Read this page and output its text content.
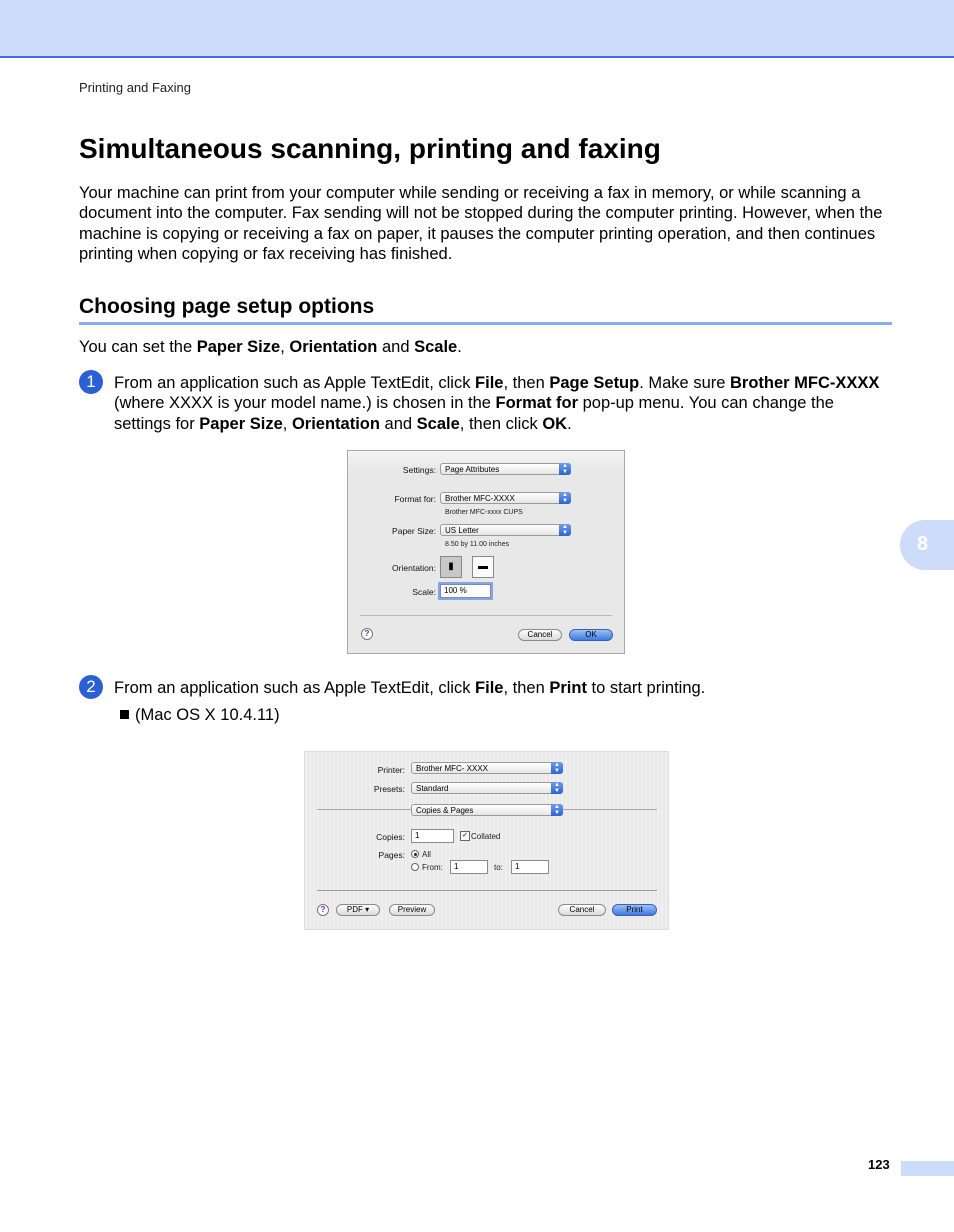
Printing and Faxing
Simultaneous scanning, printing and faxing

Your machine can print from your computer while sending or receiving a fax in memory, or while scanning a document into the computer. Fax sending will not be stopped during the computer printing. However, when the machine is copying or receiving a fax on paper, it pauses the computer printing operation, and then continues printing when copying or fax receiving has finished.

Choosing page setup options

You can set the Paper Size, Orientation and Scale.

1	From an application such as Apple TextEdit, click File, then Page Setup. Make sure Brother MFC-XXXX (where XXXX is your model name.) is chosen in the Format for pop-up menu. You can change the settings for Paper Size, Orientation and Scale, then click OK.

Settings:	Page Attributes	▲
▼
Format for:	Brother MFC-XXXX	▲
▼
Brother MFC-xxxx CUPS
Paper Size:	US Letter	▲
▼
8.50 by 11.00 inches
Orientation:	▮	▬
Scale:	100 %
?	Cancel	OK
2	From an application such as Apple TextEdit, click File, then Print to start printing.

(Mac OS X 10.4.11)
Printer:	Brother MFC- XXXX	▲
▼
Presets:	Standard	▲
▼
Copies & Pages	▲
▼
Copies:	1	✓ Collated
Pages: All
From:	1	to:	1
?	PDF ▾	Preview	Cancel	Print
8
123
